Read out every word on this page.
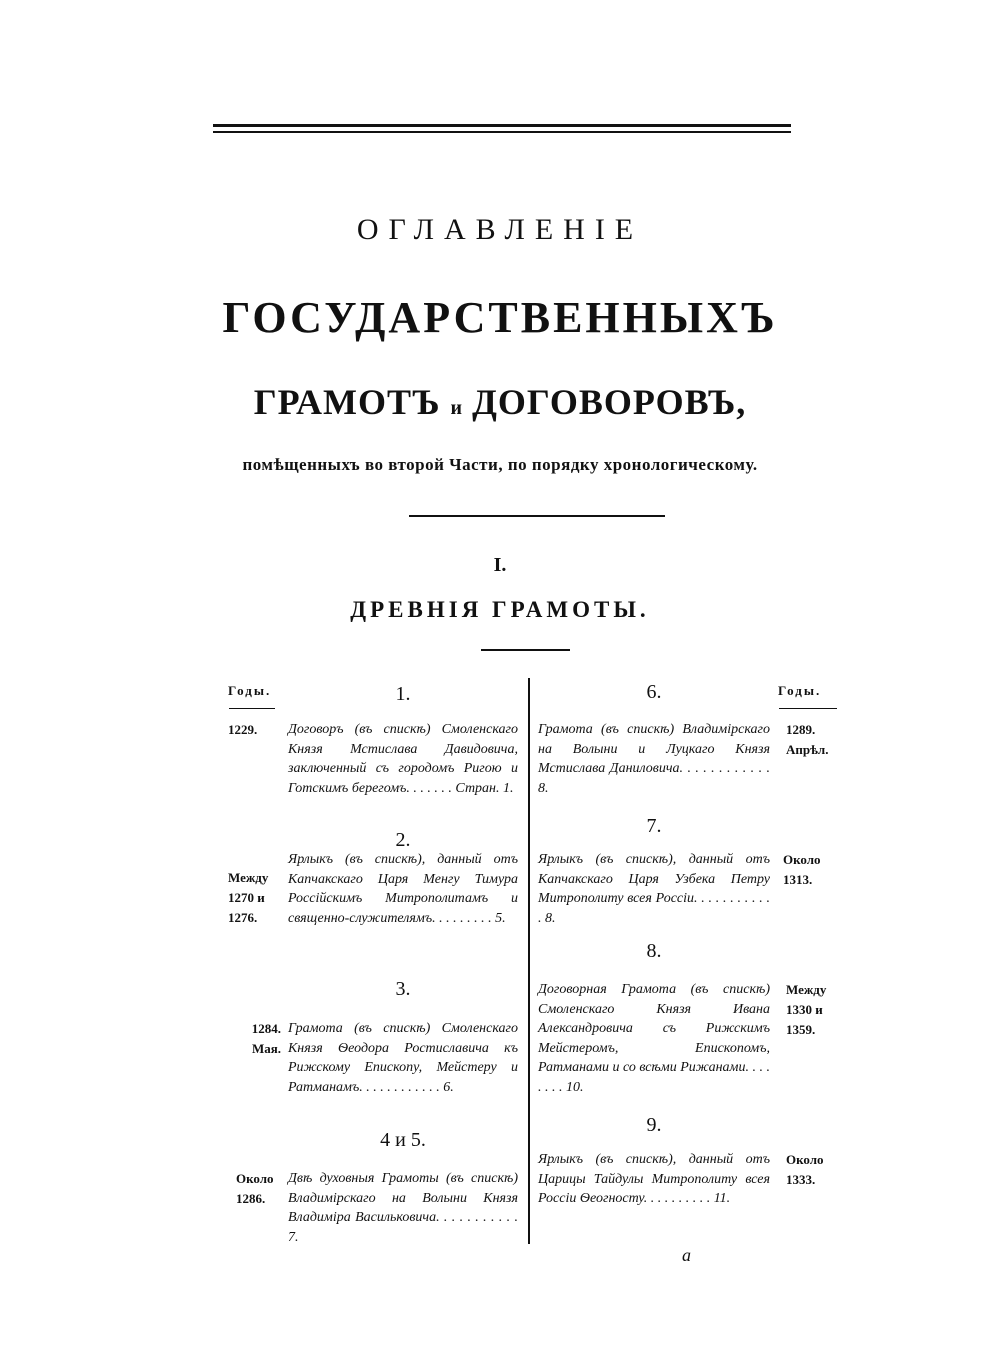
ОГЛАВЛЕНІЕ
ГОСУДАРСТВЕННЫХЪ
ГРАМОТЪ и ДОГОВОРОВЪ,
помѣщенныхъ во второй Части, по порядку хронологическому.
I.
ДРЕВНІЯ ГРАМОТЫ.
Годы.	Годы.
1.
1229. Договоръ (въ спискѣ) Смоленскаго Князя Мстислава Давидовича, заключенный съ городомъ Ригою и Готскимъ берегомъ. . . . . . . Стран. 1.
2.
Между
1270 и
1276.
Ярлыкъ (въ спискѣ), данный отъ Капчакскаго Царя Менгу Тимура Россійскимъ Митрополитамъ и священно-служителямъ. . . . . . . . . 5.
3.
1284.
Мая.
Грамота (въ спискѣ) Смоленскаго Князя Ѳеодора Ростиславича къ Рижскому Епископу, Мейстеру и Ратманамъ. . . . . . . . . . . . 6.
4 и 5.
Около
1286.
Двѣ духовныя Грамоты (въ спискѣ) Владимірскаго на Волыни Князя Владиміра Васильковича. . . . . . . . . . . 7.
6.
Грамота (въ спискѣ) Владимірскаго на Волыни и Луцкаго Князя Мстислава Даниловича. . . . . . . . . . . . 8.
1289.
Апрѣл.
7.
Ярлыкъ (въ спискѣ), данный отъ Капчакскаго Царя Узбека Петру Митрополиту всея Россіи. . . . . . . . . . . . 8.
Около
1313.
8.
Договорная Грамота (въ спискѣ) Смоленскаго Князя Ивана Александровича съ Рижскимъ Мейстеромъ, Епископомъ, Ратманами и со всѣми Рижанами. . . . . . . . 10.
Между
1330 и
1359.
9.
Ярлыкъ (въ спискѣ), данный отъ Царицы Тайдулы Митрополиту всея Россіи Ѳеогносту. . . . . . . . . . 11.
Около
1333.
a
